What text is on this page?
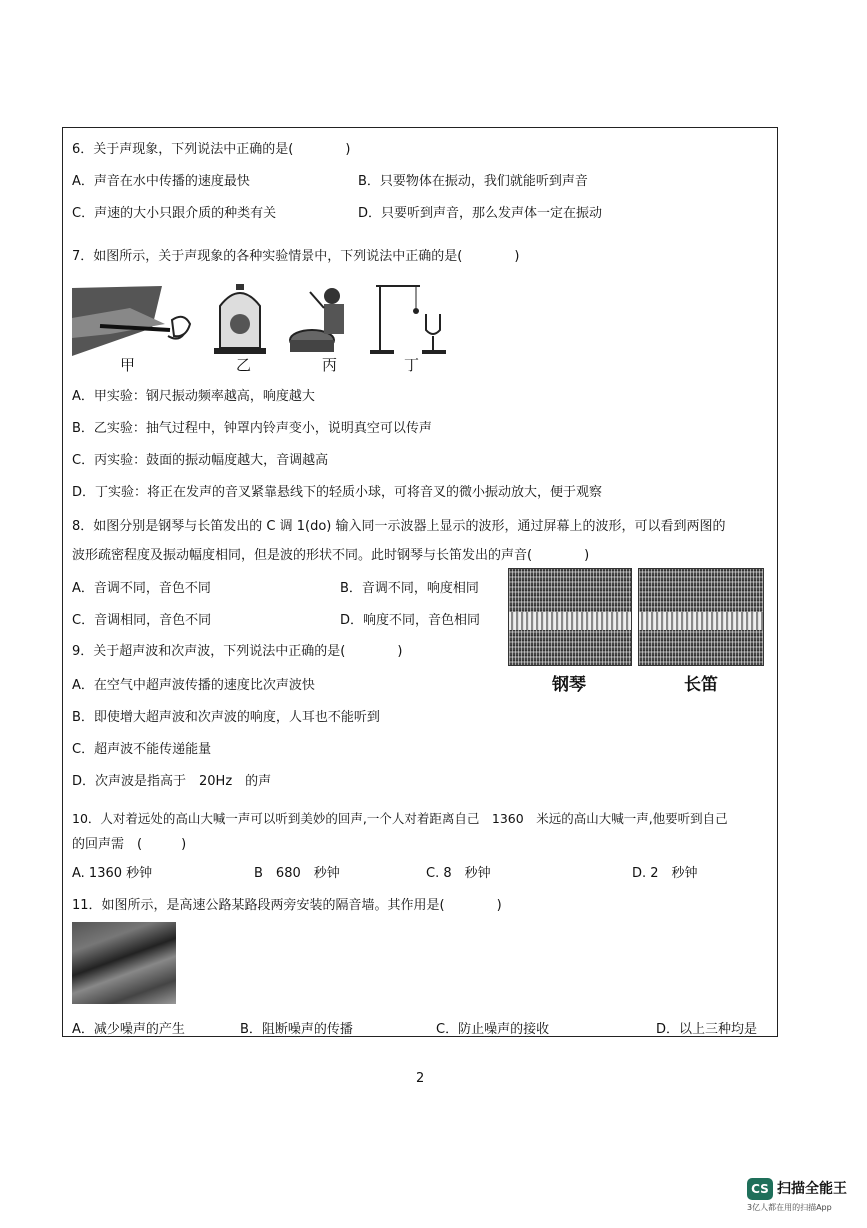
6．关于声现象，下列说法中正确的是(　　　　)
A．声音在水中传播的速度最快	B．只要物体在振动，我们就能听到声音
C．声速的大小只跟介质的种类有关	D．只要听到声音，那么发声体一定在振动
7．如图所示，关于声现象的各种实验情景中，下列说法中正确的是(　　　　)
甲	乙	丙	丁
A．甲实验：钢尺振动频率越高，响度越大
B．乙实验：抽气过程中，钟罩内铃声变小，说明真空可以传声
C．丙实验：鼓面的振动幅度越大，音调越高
D．丁实验：将正在发声的音叉紧靠悬线下的轻质小球，可将音叉的微小振动放大，便于观察
8．如图分别是钢琴与长笛发出的 C 调 1(do) 输入同一示波器上显示的波形，通过屏幕上的波形，可以看到两图的
波形疏密程度及振动幅度相同，但是波的形状不同。此时钢琴与长笛发出的声音(　　　　)
A．音调不同，音色不同	B．音调不同，响度相同
C．音调相同，音色不同	D．响度不同，音色相同
钢琴	长笛
9．关于超声波和次声波，下列说法中正确的是(　　　　)
A．在空气中超声波传播的速度比次声波快
B．即使增大超声波和次声波的响度，人耳也不能听到
C．超声波不能传递能量
D．次声波是指高于　20Hz　的声
10．人对着远处的高山大喊一声可以听到美妙的回声,一个人对着距离自己　1360　米远的高山大喊一声,他要听到自己
的回声需　(　　　)
A. 1360 秒钟	B　680　秒钟	C. 8　秒钟	D. 2　秒钟
11．如图所示，是高速公路某路段两旁安装的隔音墙。其作用是(　　　　)
A．减少噪声的产生	B．阻断噪声的传播	C．防止噪声的接收	D．以上三种均是
2
CS 扫描全能王
3亿人都在用的扫描App
